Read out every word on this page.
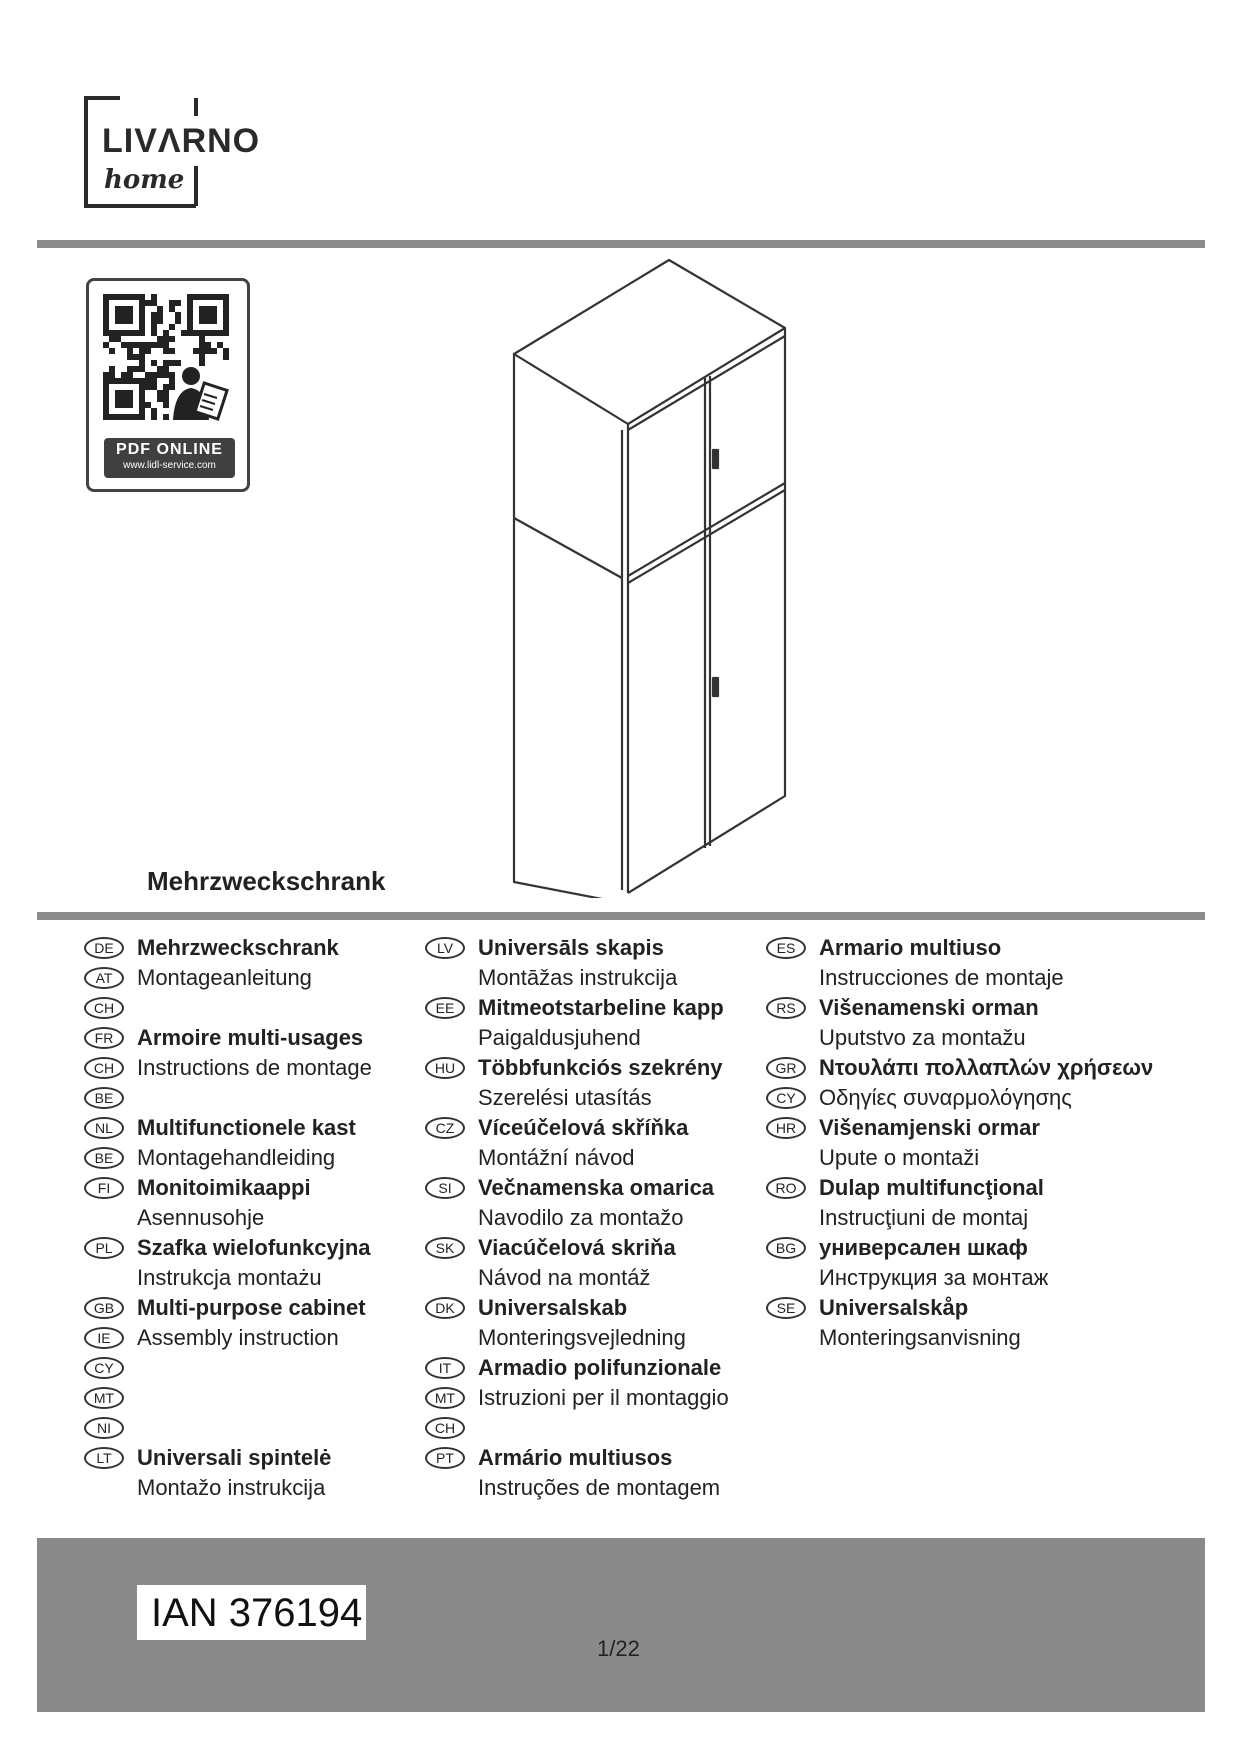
LIVΛRNO
home
PDF ONLINE
www.lidl-service.com
Mehrzweckschrank
DE	Mehrzweckschrank
AT	Montageanleitung
CH
FR	Armoire multi-usages
CH	Instructions de montage
BE
NL	Multifunctionele kast
BE	Montagehandleiding
FI	Monitoimikaappi
Asennusohje
PL	Szafka wielofunkcyjna
Instrukcja montażu
GB	Multi-purpose cabinet
IE	Assembly instruction
CY
MT
NI
LT	Universali spintelė
Montažo instrukcija
LV	Universāls skapis
Montāžas instrukcija
EE	Mitmeotstarbeline kapp
Paigaldusjuhend
HU	Többfunkciós szekrény
Szerelési utasítás
CZ	Víceúčelová skříňka
Montážní návod
SI	Večnamenska omarica
Navodilo za montažo
SK	Viacúčelová skriňa
Návod na montáž
DK	Universalskab
Monteringsvejledning
IT	Armadio polifunzionale
MT	Istruzioni per il montaggio
CH
PT	Armário multiusos
Instruções de montagem
ES	Armario multiuso
Instrucciones de montaje
RS	Višenamenski orman
Uputstvo za montažu
GR	Ντουλάπι πολλαπλών χρήσεων
CY	Οδηγίες συναρμολόγησης
HR	Višenamjenski ormar
Upute o montaži
RO	Dulap multifuncţional
Instrucţiuni de montaj
BG	универсален шкаф
Инструкция за монтаж
SE	Universalskåp
Monteringsanvisning
IAN 376194
1/22
